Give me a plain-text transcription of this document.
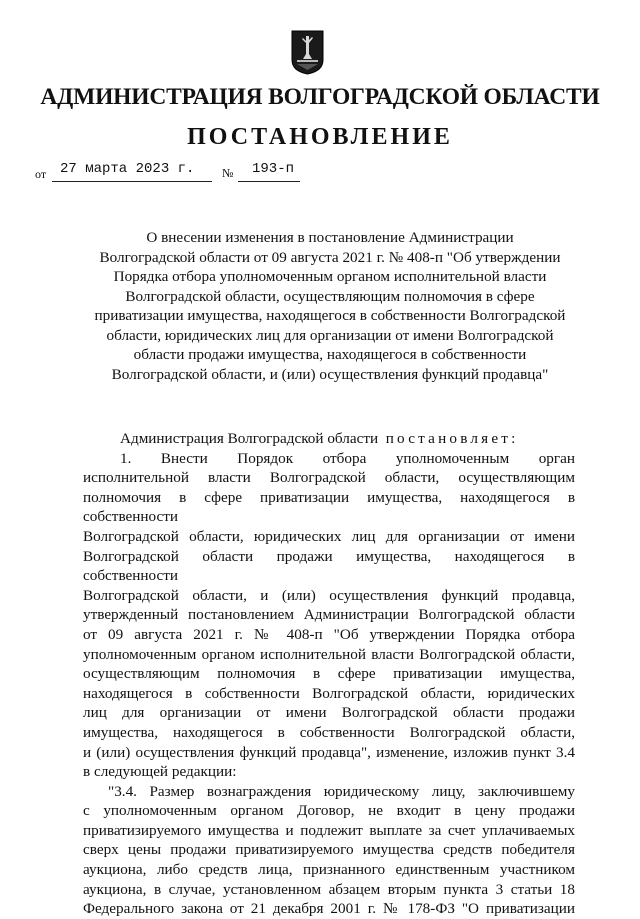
АДМИНИСТРАЦИЯ ВОЛГОГРАДСКОЙ ОБЛАСТИ
ПОСТАНОВЛЕНИЕ
от 27 марта 2023 г. № 193-п
О внесении изменения в постановление Администрации
Волгоградской области от 09 августа 2021 г. № 408-п "Об утверждении
Порядка отбора уполномоченным органом исполнительной власти
Волгоградской области, осуществляющим полномочия в сфере
приватизации имущества, находящегося в собственности Волгоградской
области, юридических лиц для организации от имени Волгоградской
области продажи имущества, находящегося в собственности
Волгоградской области, и (или) осуществления функций продавца"
Администрация Волгоградской области постановляет:
1. Внести Порядок отбора уполномоченным орган
исполнительной власти Волгоградской области, осуществляющим
полномочия в сфере приватизации имущества, находящегося в собственности
Волгоградской области, юридических лиц для организации от имени
Волгоградской области продажи имущества, находящегося в собственности
Волгоградской области, и (или) осуществления функций продавца,
утвержденный постановлением Администрации Волгоградской области
от 09 августа 2021 г. № 408-п "Об утверждении Порядка отбора
уполномоченным органом исполнительной власти Волгоградской области,
осуществляющим полномочия в сфере приватизации имущества,
находящегося в собственности Волгоградской области, юридических
лиц для организации от имени Волгоградской области продажи
имущества, находящегося в собственности Волгоградской области,
и (или) осуществления функций продавца", изменение, изложив пункт 3.4
в следующей редакции:
"3.4. Размер вознаграждения юридическому лицу, заключившему
с уполномоченным органом Договор, не входит в цену продажи
приватизируемого имущества и подлежит выплате за счет уплачиваемых
сверх цены продажи приватизируемого имущества средств победителя
аукциона, либо средств лица, признанного единственным участником
аукциона, в случае, установленном абзацем вторым пункта 3 статьи 18
Федерального закона от 21 декабря 2001 г. № 178-ФЗ "О приватизации
